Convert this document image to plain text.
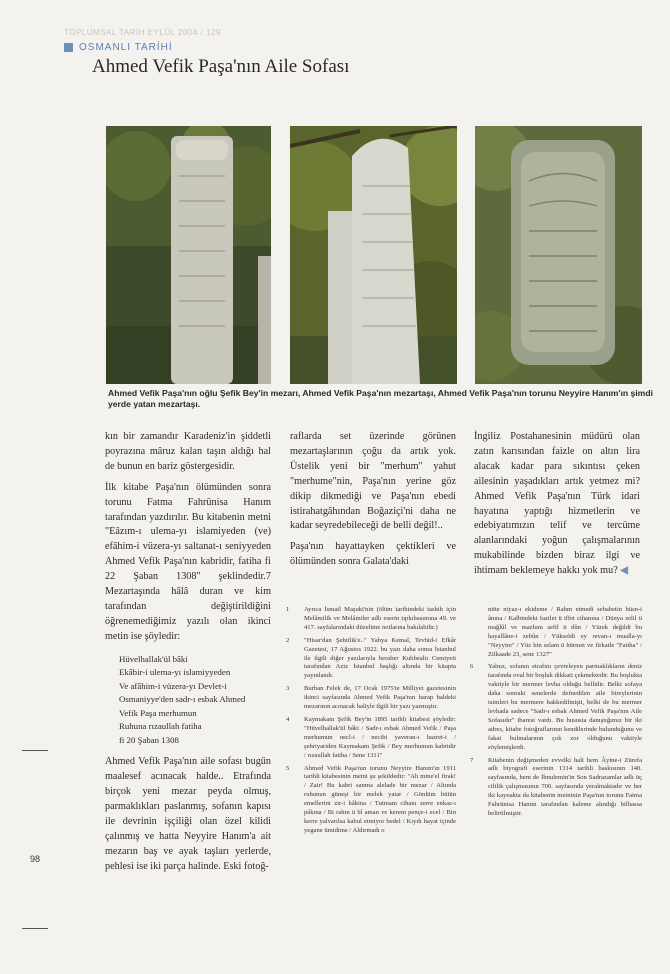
TOPLUMSAL TARİH EYLÜL 2004 / 129
OSMANLI TARİHİ
Ahmed Vefik Paşa'nın Aile Sofası
Ahmed Vefik Paşa'nın oğlu Şefik Bey'in mezarı, Ahmed Vefik Paşa'nın mezartaşı, Ahmed Vefik Paşa'nın torunu Neyyire Hanım'ın şimdi yerde yatan mezartaşı.

kın bir zamandır Karadeniz'in şiddetli poyrazına mâruz kalan taşın aldığı hal de bunun en bariz göstergesidir.

İlk kitabe Paşa'nın ölümünden sonra torunu Fatma Fahrünisa Hanım tarafından yazdırılır. Bu kitabenin metni "Eâzım-ı ulema-yı islamiyeden (ve) efâhim-i vüzera-yı saltanat-ı seniyyeden Ahmed Vefik Paşa'nın kabridir, fatiha fi 22 Şaban 1308" şeklindedir.7 Mezartaşında hâlâ duran ve kim tarafından değiştirildiğini öğrenemediğimiz yazılı olan ikinci metin ise şöyledir:

Hüvelhallak'ül bâki
Ekâbir-i ulema-yı islamiyyeden
Ve afâhim-i vüzera-yı Devlet-i
Osmaniyye'den sadr-ı esbak Ahmed
Vefik Paşa merhumun
Ruhuna rızaullah fatiha
fi 20 Şaban 1308

Ahmed Vefik Paşa'nın aile sofası bugün maalesef acınacak halde.. Etrafında birçok yeni mezar peyda olmuş, parmaklıkları paslanmış, sofanın kapısı ile devrinin işçiliği olan özel kilidi çalınmış ve hatta Neyyire Hanım'a ait mezarın baş ve ayak taşları yerlerde, pehlesi ise iki parça halinde. Eski fotoğ-

raflarda set üzerinde görünen mezartaşlarının çoğu da artık yok. Üstelik yeni bir "merhum" yahut "merhume"nin, Paşa'nın yerine göz dikip dikmediği ve Paşa'nın ebedi istirahatgâhından Boğaziçi'ni daha ne kadar seyredebileceği de belli değil!..

Paşa'nın hayattayken çektikleri ve ölümünden sonra Galata'daki

İngiliz Postahanesinin müdürü olan zatın karısından faizle on altın lira alacak kadar para sıkıntısı çeken ailesinin yaşadıkları artık yetmez mi? Ahmed Vefik Paşa'nın Türk idari hayatına yaptığı hizmetlerin ve edebiyatımızın telif ve tercüme alanlarındaki yoğun çalışmalarının mukabilinde bizden biraz ilgi ve ihtimam beklemeye hakkı yok mu? ◀

1	Ayrıca İsmail Maşuki'nin (ölüm tarihindeki tashih için Melâmilik ve Melâmiler adlı eserin tıpkıbasımına 49. ve 417. sayfalarındaki düzeltme notlarına bakılabilir.)
2	"Hisar'dan Şehitlik'e.." Yahya Kemal, Tevhid-i Efkâr Gazetesi, 17 Ağustos 1922. bu yazı daha sonra İstanbul ile ilgili diğer yazılarıyla beraber Kubbealtı Cemiyeti tarafından Aziz İstanbul başlığı altında bir kitapta yayınlandı.
3	Burhan Felek de, 17 Ocak 1975'te Milliyet gazetesinin ikinci sayfasında Ahmed Vefik Paşa'nın harap haldeki mezarının acınacak haliyle ilgili bir yazı yazmıştır.
4	Kaymakam Şefik Bey'in 1895 tarihli kitabesi şöyledir: "Hüvelhallak'ül bâki / Sadr-ı esbak Ahmed Vefik / Paşa merhumun necl-i / necibi yaveran-ı hazret-i / şehriyariden Kaymakam Şefik / Bey merhumun kabridir / rızaullah fatiha / Sene 1311"
5	Ahmed Vefik Paşa'nın torunu Neyyire Hanım'ın 1911 tarihli kitabesinin metni şu şekildedir: "Ah mine'el firak! / Zair! Bu kabri sanma alelade bir mezar / Altında ruhunun güneşi bir melek yatar / Gönlüm bütün emellerini zir-i hâkina / Tutmam cihanı zerre enkaz-ı pâkına / Bi rahm ü bî aman ve kerem pençe-i ecel / Bin kerre yalvarılsa kabul etmiyor bedel / Kıydı hayat içinde yegane ümidime / Aldırmadı o
nitte niyaz-ı ekideme / Rahm etmedi sebabetin hüsn-i ânına / Kalbindeki fazilet ü iffet cihanına / Dünya zelil ü mağlûl ve mazlum sefil ü dûn / Yürek değildi bu hayallâne-i zebûn / Yükseldi ey revan-ı mualla-yı "Neyyire" / Yüz bin selam ü hürmet ve firkatle "Fatiha" / Zilkaade 23, sene 1327"
6	Yalnız, sofanın etrafını çevreleyen parmaklıkların deniz tarafında oval bir boşluk dikkati çekmektedir. Bu boşlukta vaktiyle bir mermer levha olduğu bellidir. Belki sofaya daha sonraki senelerde defnedilen aile bireylerinin isimleri bu mermere hakkedilmişti, belki de bu mermer levhada sadece "Sadr-ı esbak Ahmed Vefik Paşa'nın Aile Sofasıdır" ibaresi vardı. Bu hususta danıştığımız bir iki adres, kitabe fotoğraflarının kendilerinde bulunduğunu ve fakat bulmalarının çok zor olduğunu vaktiyle söylemişlerdi.
7	Kitabenin değişmeden evvelki hali hem Âyine-i Zürefa adlı biyografi eserinin 1314 tarihli baskısının 140. sayfasında, hem de İbnulemin'in Son Sadrazamlar adlı üç ciltlik çalışmasının 700. sayfasında yeralmaktadır ve her iki kaynakta da kitabenin metninin Paşa'nın torunu Fatma Fahrünisa Hanım tarafından kaleme alındığı bilhassa belirtilmiştir.
98
